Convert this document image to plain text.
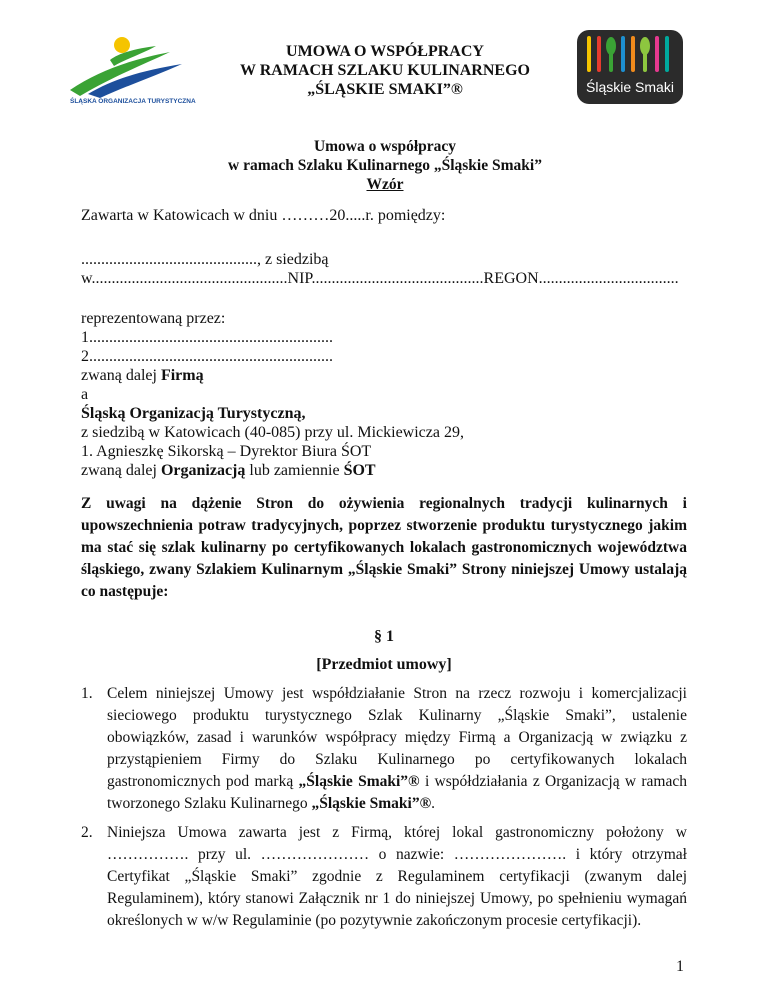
ŚLĄSKA ORGANIZACJA TURYSTYCZNA
UMOWA O WSPÓŁPRACY
W RAMACH SZLAKU KULINARNEGO
„ŚLĄSKIE SMAKI”®	Śląskie Smaki
Umowa o współpracy
w ramach Szlaku Kulinarnego „Śląskie Smaki”
Wzór
Zawarta w Katowicach w dniu ………20.....r. pomiędzy:
............................................, z siedzibą
w.................................................NIP...........................................REGON...................................
reprezentowaną przez:
1.............................................................
2.............................................................
zwaną dalej Firmą
a
Śląską Organizacją Turystyczną,
z siedzibą w Katowicach (40-085) przy ul. Mickiewicza 29,
1. Agnieszkę Sikorską – Dyrektor Biura ŚOT
zwaną dalej Organizacją lub zamiennie ŚOT
Z uwagi na dążenie Stron do ożywienia regionalnych tradycji kulinarnych i upowszechnienia potraw tradycyjnych, poprzez stworzenie produktu turystycznego jakim ma stać się szlak kulinarny po certyfikowanych lokalach gastronomicznych województwa śląskiego, zwany Szlakiem Kulinarnym „Śląskie Smaki” Strony niniejszej Umowy ustalają co następuje:
§ 1
[Przedmiot umowy]
1. Celem niniejszej Umowy jest współdziałanie Stron na rzecz rozwoju i komercjalizacji sieciowego produktu turystycznego Szlak Kulinarny „Śląskie Smaki”, ustalenie obowiązków, zasad i warunków współpracy między Firmą a Organizacją w związku z przystąpieniem Firmy do Szlaku Kulinarnego po certyfikowanych lokalach gastronomicznych pod marką „Śląskie Smaki”® i współdziałania z Organizacją w ramach tworzonego Szlaku Kulinarnego „Śląskie Smaki”®.
2. Niniejsza Umowa zawarta jest z Firmą, której lokal gastronomiczny położony w ……………. przy ul. ………………… o nazwie: …………………. i który otrzymał Certyfikat „Śląskie Smaki” zgodnie z Regulaminem certyfikacji (zwanym dalej Regulaminem), który stanowi Załącznik nr 1 do niniejszej Umowy, po spełnieniu wymagań określonych w w/w Regulaminie (po pozytywnie zakończonym procesie certyfikacji).
1
